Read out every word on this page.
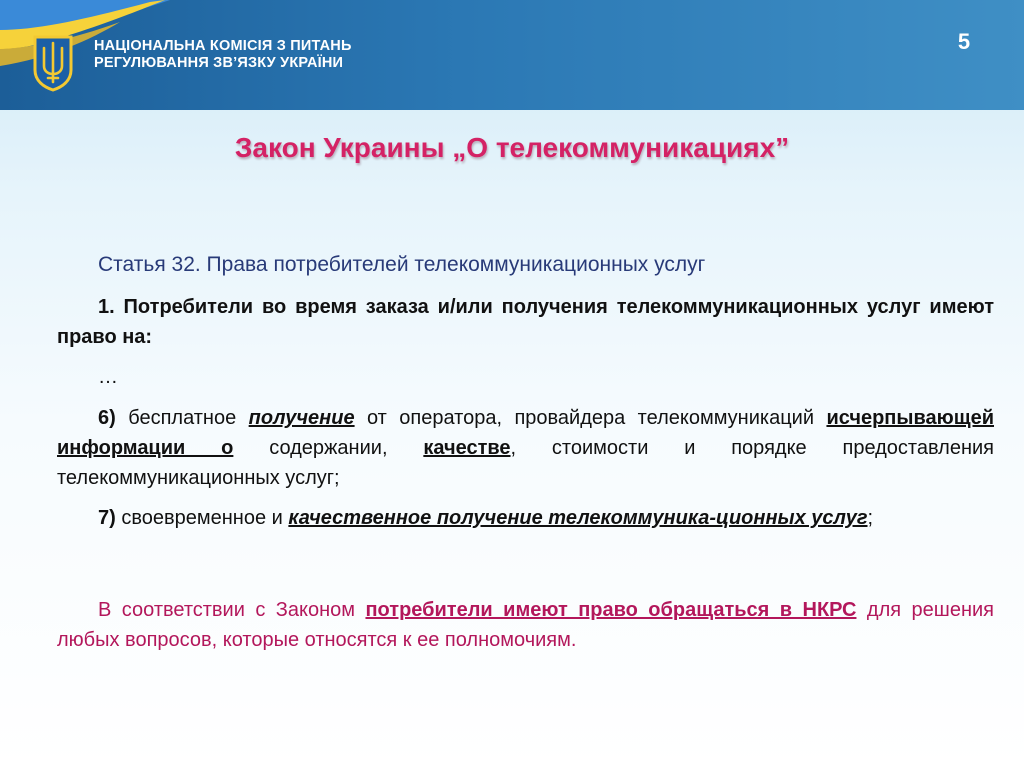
НАЦІОНАЛЬНА КОМІСІЯ З ПИТАНЬ
РЕГУЛЮВАННЯ ЗВ’ЯЗКУ УКРАЇНИ
5
Закон Украины „О телекоммуникациях”

Статья 32. Права потребителей телекоммуникационных услуг

1. Потребители во время заказа и/или получения телекоммуникационных услуг имеют право на:

…

6) бесплатное получение от оператора, провайдера телекоммуникаций исчерпывающей информации о содержании, качестве, стоимости и порядке предоставления телекоммуникационных услуг;

7) своевременное и качественное получение телекоммуника-ционных услуг;

В соответствии с Законом потребители имеют право обращаться в НКРС для решения любых вопросов, которые относятся к ее полномочиям.
